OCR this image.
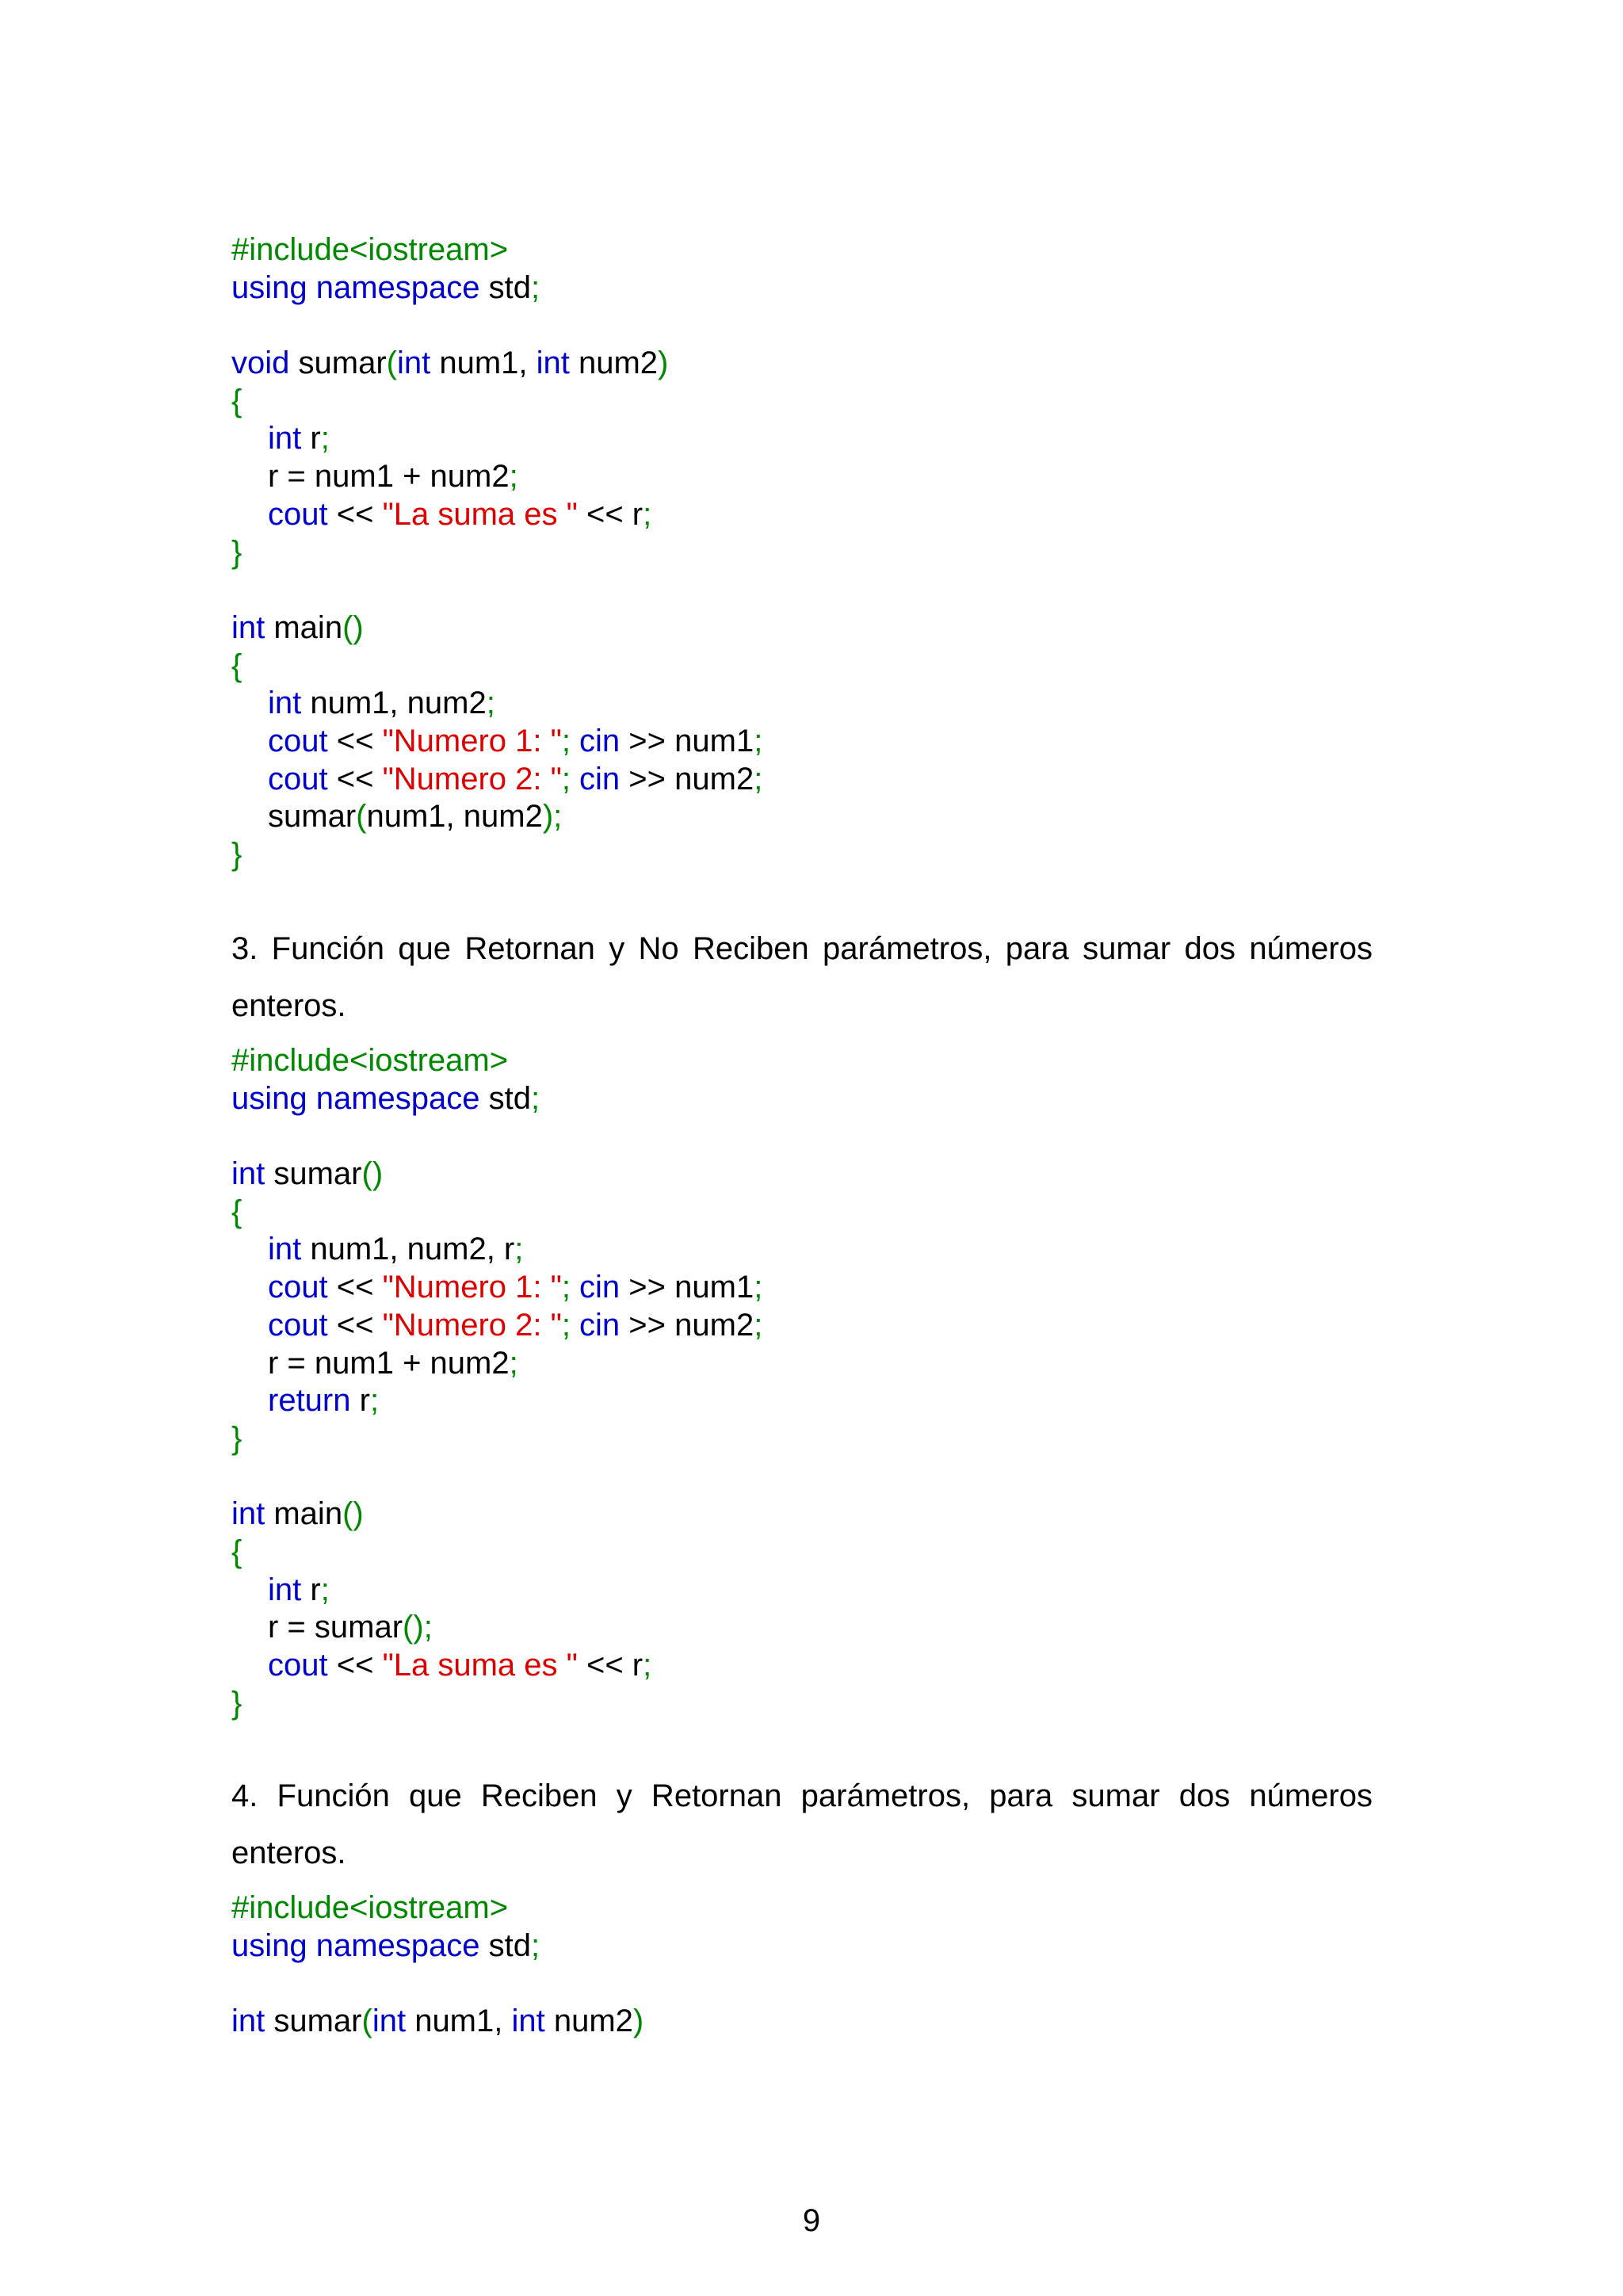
#include<iostream>
using namespace std;
void sumar(int num1, int num2)
{
int r;
r = num1 + num2;
cout << "La suma es " << r;
}
int main()
{
int num1, num2;
cout << "Numero 1: "; cin >> num1;
cout << "Numero 2: "; cin >> num2;
sumar(num1, num2);
}
3. Función que Retornan y No Reciben parámetros, para sumar dos números enteros.
#include<iostream>
using namespace std;
int sumar()
{
int num1, num2, r;
cout << "Numero 1: "; cin >> num1;
cout << "Numero 2: "; cin >> num2;
r = num1 + num2;
return r;
}
int main()
{
int r;
r = sumar();
cout << "La suma es " << r;
}
4. Función que Reciben y Retornan parámetros, para sumar dos números enteros.
#include<iostream>
using namespace std;
int sumar(int num1, int num2)
9
